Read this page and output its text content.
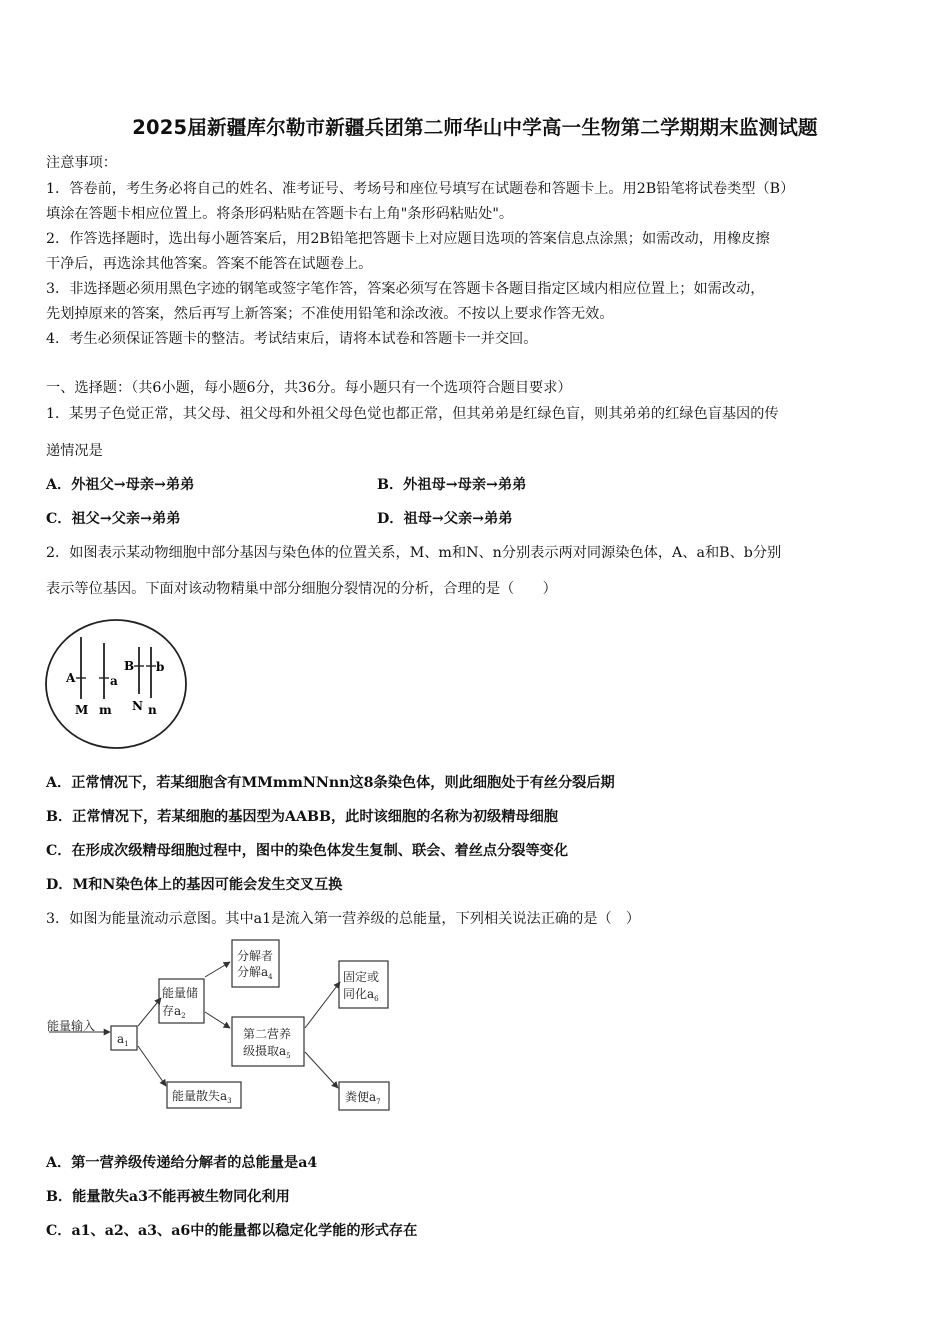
2025届新疆库尔勒市新疆兵团第二师华山中学高一生物第二学期期末监测试题
注意事项：
1．答卷前，考生务必将自己的姓名、准考证号、考场号和座位号填写在试题卷和答题卡上。用2B铅笔将试卷类型（B）
填涂在答题卡相应位置上。将条形码粘贴在答题卡右上角"条形码粘贴处"。
2．作答选择题时，选出每小题答案后，用2B铅笔把答题卡上对应题目选项的答案信息点涂黑；如需改动，用橡皮擦
干净后，再选涂其他答案。答案不能答在试题卷上。
3．非选择题必须用黑色字迹的钢笔或签字笔作答，答案必须写在答题卡各题目指定区域内相应位置上；如需改动，
先划掉原来的答案，然后再写上新答案；不准使用铅笔和涂改液。不按以上要求作答无效。
4．考生必须保证答题卡的整洁。考试结束后，请将本试卷和答题卡一并交回。
一、选择题：（共6小题，每小题6分，共36分。每小题只有一个选项符合题目要求）
1．某男子色觉正常，其父母、祖父母和外祖父母色觉也都正常，但其弟弟是红绿色盲，则其弟弟的红绿色盲基因的传
递情况是
A．外祖父→母亲→弟弟	B．外祖母→母亲→弟弟
C．祖父→父亲→弟弟	D．祖母→父亲→弟弟
2．如图表示某动物细胞中部分基因与染色体的位置关系，M、m和N、n分别表示两对同源染色体，A、a和B、b分别
表示等位基因。下面对该动物精巢中部分细胞分裂情况的分析，合理的是（　　）
A	a
B b
M m N n
A．正常情况下，若某细胞含有MMmmNNnn这8条染色体，则此细胞处于有丝分裂后期
B．正常情况下，若某细胞的基因型为AABB，此时该细胞的名称为初级精母细胞
C．在形成次级精母细胞过程中，图中的染色体发生复制、联会、着丝点分裂等变化
D．M和N染色体上的基因可能会发生交叉互换
3．如图为能量流动示意图。其中a1是流入第一营养级的总能量，下列相关说法正确的是（　）
能量输入
$a_1$
能量储
存$a_2$
分解者
分解$a_4$
第二营养
级摄取$a_5$
固定或
同化$a_6$
能量散失$a_3$	粪便$a_7$
A．第一营养级传递给分解者的总能量是a4
B．能量散失a3不能再被生物同化利用
C．a1、a2、a3、a6中的能量都以稳定化学能的形式存在
